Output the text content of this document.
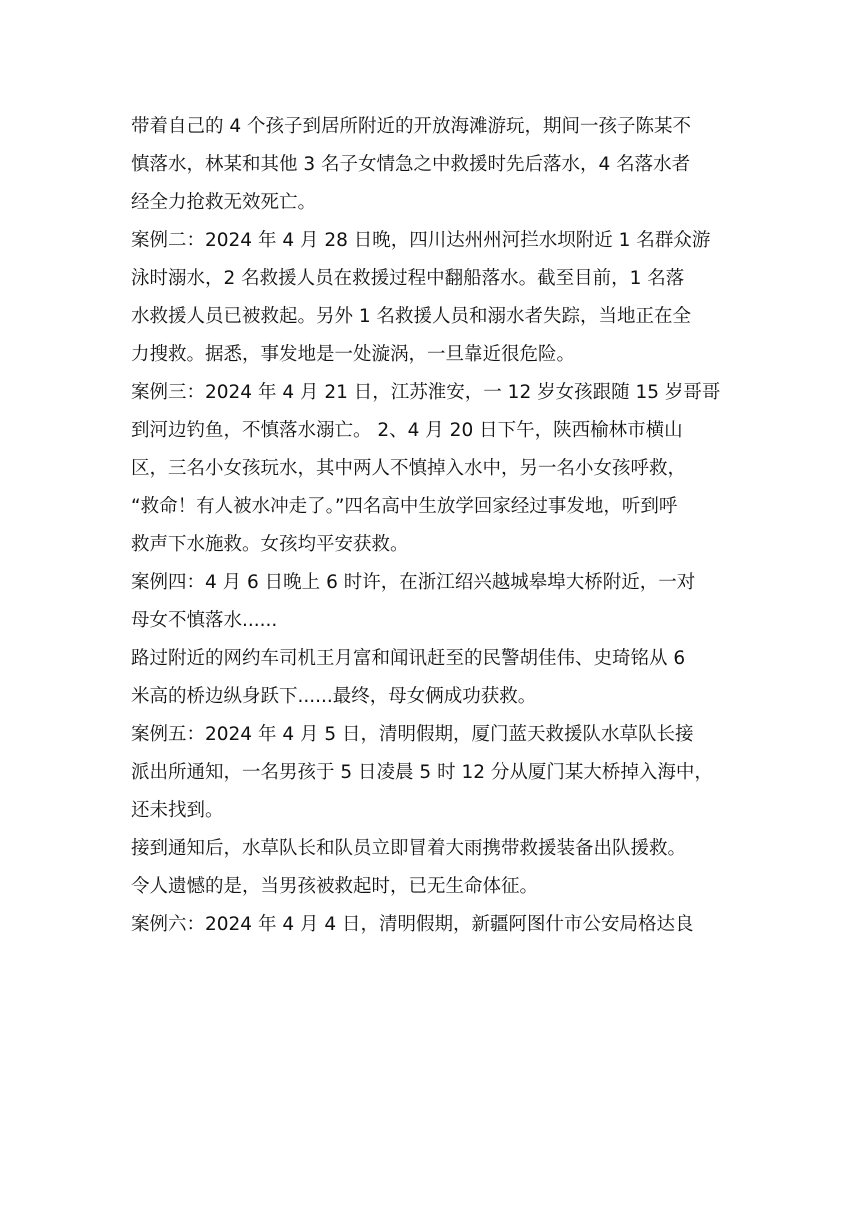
带着自己的 4 个孩子到居所附近的开放海滩游玩，期间一孩子陈某不
慎落水，林某和其他 3 名子女情急之中救援时先后落水，4 名落水者
经全力抢救无效死亡。
案例二：2024 年 4 月 28 日晚，四川达州州河拦水坝附近 1 名群众游
泳时溺水，2 名救援人员在救援过程中翻船落水。截至目前，1 名落
水救援人员已被救起。另外 1 名救援人员和溺水者失踪，当地正在全
力搜救。据悉，事发地是一处漩涡，一旦靠近很危险。
案例三：2024 年 4 月 21 日，江苏淮安，一 12 岁女孩跟随 15 岁哥哥
到河边钓鱼，不慎落水溺亡。 2、4 月 20 日下午，陕西榆林市横山
区，三名小女孩玩水，其中两人不慎掉入水中，另一名小女孩呼救，
“救命！有人被水冲走了。”四名高中生放学回家经过事发地，听到呼
救声下水施救。女孩均平安获救。
案例四：4 月 6 日晚上 6 时许，在浙江绍兴越城皋埠大桥附近，一对
母女不慎落水......
路过附近的网约车司机王月富和闻讯赶至的民警胡佳伟、史琦铭从 6
米高的桥边纵身跃下......最终，母女俩成功获救。
案例五：2024 年 4 月 5 日，清明假期，厦门蓝天救援队水草队长接
派出所通知，一名男孩于 5 日凌晨 5 时 12 分从厦门某大桥掉入海中，
还未找到。
接到通知后，水草队长和队员立即冒着大雨携带救援装备出队援救。
令人遗憾的是，当男孩被救起时，已无生命体征。
案例六：2024 年 4 月 4 日，清明假期，新疆阿图什市公安局格达良
